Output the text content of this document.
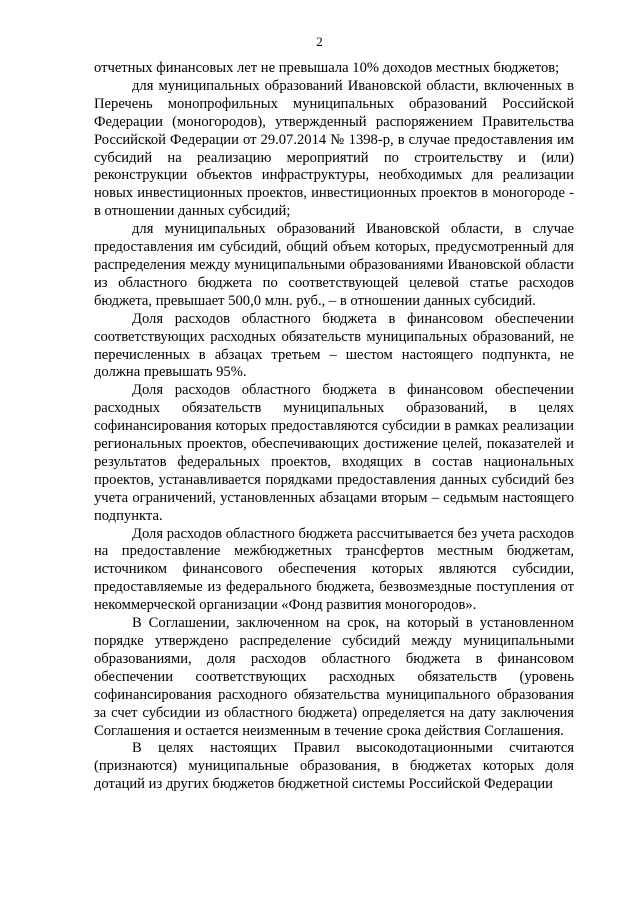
2

отчетных финансовых лет не превышала 10% доходов местных бюджетов;

для муниципальных образований Ивановской области, включенных в Перечень монопрофильных муниципальных образований Российской Федерации (моногородов), утвержденный распоряжением Правительства Российской Федерации от 29.07.2014 № 1398-р, в случае предоставления им субсидий на реализацию мероприятий по строительству и (или) реконструкции объектов инфраструктуры, необходимых для реализации новых инвестиционных проектов, инвестиционных проектов в моногороде - в отношении данных субсидий;

для муниципальных образований Ивановской области, в случае предоставления им субсидий, общий объем которых, предусмотренный для распределения между муниципальными образованиями Ивановской области из областного бюджета по соответствующей целевой статье расходов бюджета, превышает 500,0 млн. руб., – в отношении данных субсидий.

Доля расходов областного бюджета в финансовом обеспечении соответствующих расходных обязательств муниципальных образований, не перечисленных в абзацах третьем – шестом настоящего подпункта, не должна превышать 95%.

Доля расходов областного бюджета в финансовом обеспечении расходных обязательств муниципальных образований, в целях софинансирования которых предоставляются субсидии в рамках реализации региональных проектов, обеспечивающих достижение целей, показателей и результатов федеральных проектов, входящих в состав национальных проектов, устанавливается порядками предоставления данных субсидий без учета ограничений, установленных абзацами вторым – седьмым настоящего подпункта.

Доля расходов областного бюджета рассчитывается без учета расходов на предоставление межбюджетных трансфертов местным бюджетам, источником финансового обеспечения которых являются субсидии, предоставляемые из федерального бюджета, безвозмездные поступления от некоммерческой организации «Фонд развития моногородов».

В Соглашении, заключенном на срок, на который в установленном порядке утверждено распределение субсидий между муниципальными образованиями, доля расходов областного бюджета в финансовом обеспечении соответствующих расходных обязательств (уровень софинансирования расходного обязательства муниципального образования за счет субсидии из областного бюджета) определяется на дату заключения Соглашения и остается неизменным в течение срока действия Соглашения.

В целях настоящих Правил высокодотационными считаются (признаются) муниципальные образования, в бюджетах которых доля дотаций из других бюджетов бюджетной системы Российской Федерации
